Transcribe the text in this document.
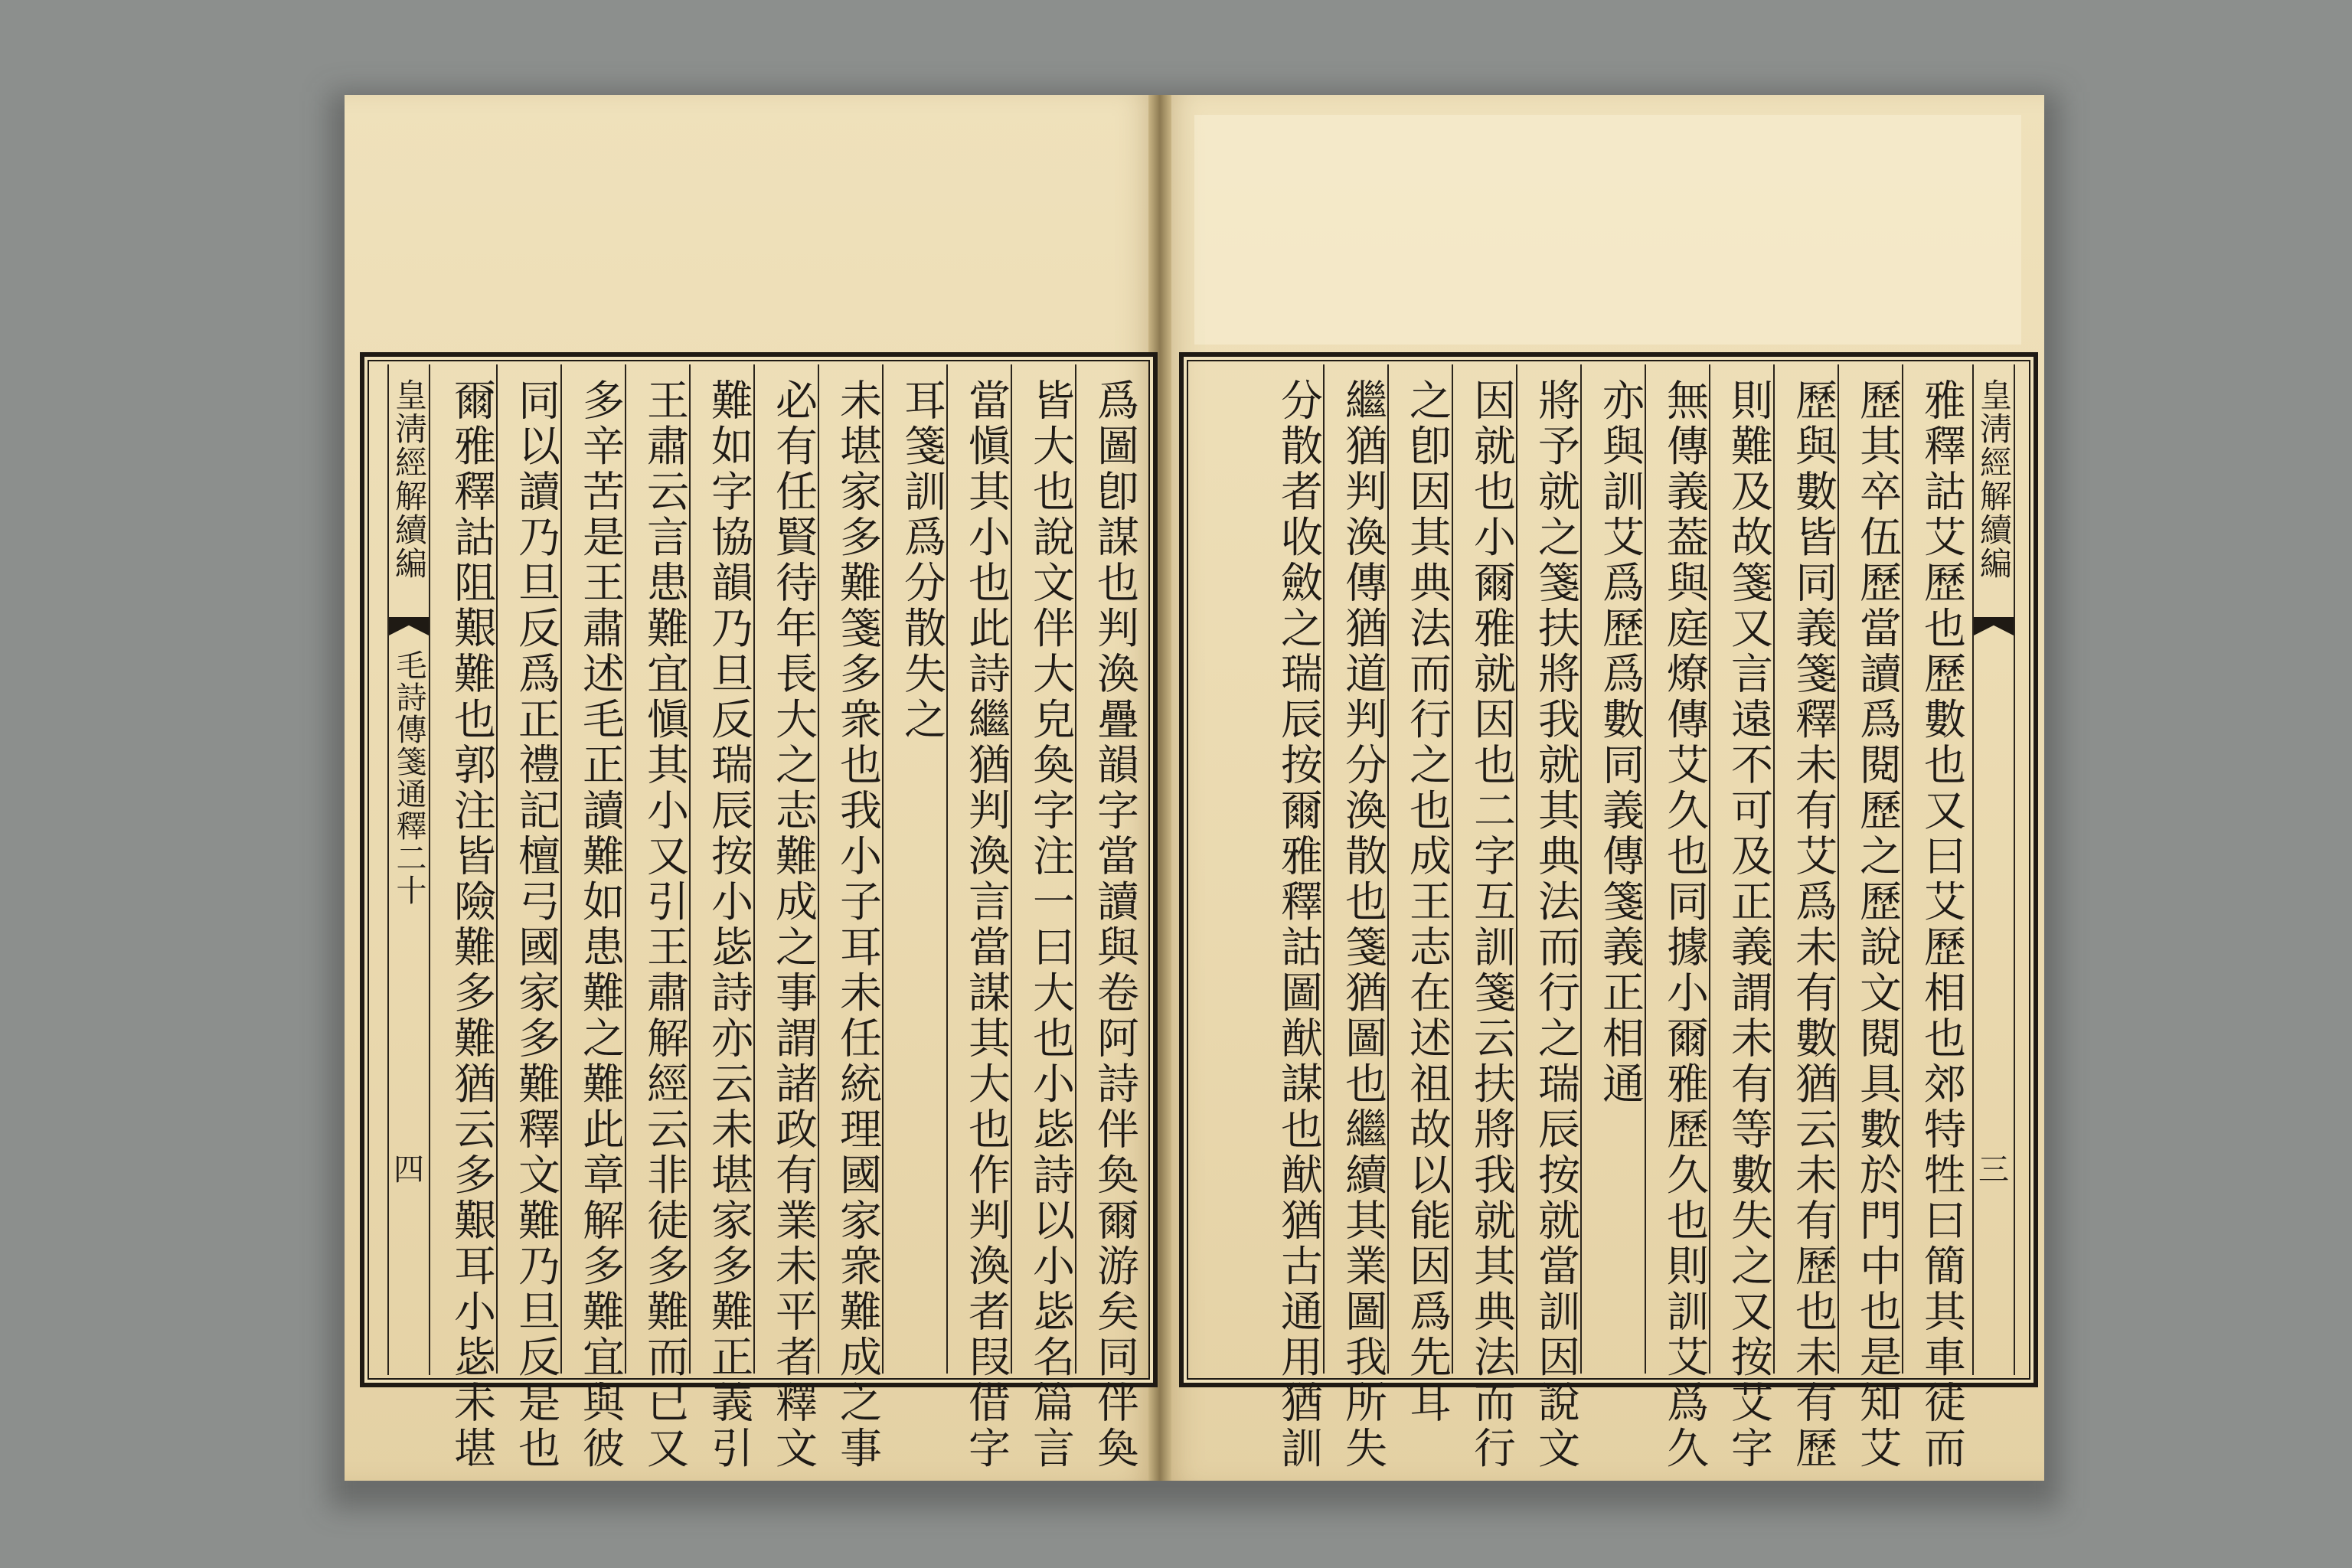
爲圖卽謀也判渙疊韻字當讀與卷阿詩伴奐爾游矣同伴奐
皆大也說文伴大皃奐字注一曰大也小毖詩以小毖名篇言
當愼其小也此詩繼猶判渙言當謀其大也作判渙者叚借字
耳箋訓爲分散失之
未堪家多難箋多衆也我小子耳未任統理國家衆難成之事
必有任賢待年長大之志難成之事謂諸政有業未平者釋文
難如字協韻乃旦反瑞辰按小毖詩亦云未堪家多難正義引
王肅云言患難宜愼其小又引王肅解經云非徒多難而已又
多辛苦是王肅述毛正讀難如患難之難此章解多難宜與彼
同以讀乃旦反爲正禮記檀弓國家多難釋文難乃旦反是也
爾雅釋詁阻艱難也郭注皆險難多難猶云多艱耳小毖未堪
皇淸經解續編
毛詩傳箋通釋二十
四
皇淸經解續編
三
雅釋詁艾歷也歷數也又曰艾歷相也郊特牲曰簡其車徒而
歷其卒伍歷當讀爲閱歷之歷說文閱具數於門中也是知艾
歷與數皆同義箋釋未有艾爲未有數猶云未有歷也未有歷
則難及故箋又言遠不可及正義謂未有等數失之又按艾字
無傳義葢與庭燎傳艾久也同據小爾雅歷久也則訓艾爲久
亦與訓艾爲歷爲數同義傳箋義正相通
將予就之箋扶將我就其典法而行之瑞辰按就當訓因說文
因就也小爾雅就因也二字互訓箋云扶將我就其典法而行
之卽因其典法而行之也成王志在述祖故以能因爲先耳
繼猶判渙傳猶道判分渙散也箋猶圖也繼續其業圖我所失
分散者收斂之瑞辰按爾雅釋詁圖猷謀也猷猶古通用猶訓
